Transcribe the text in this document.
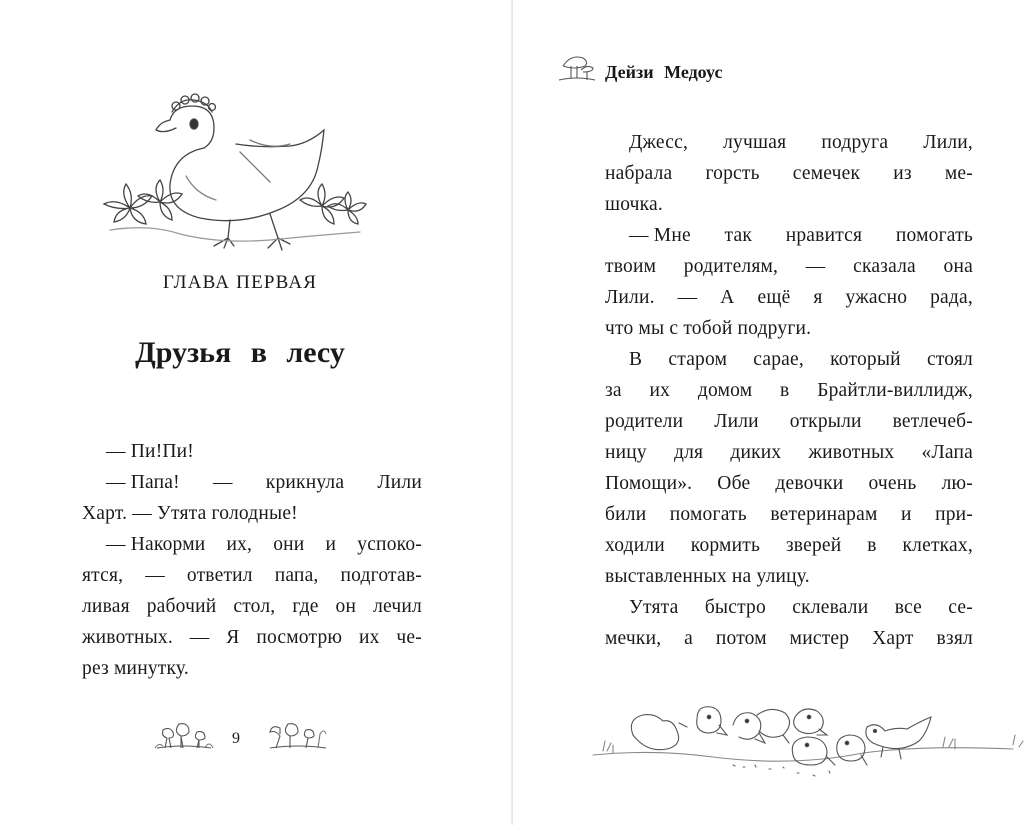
ГЛАВА ПЕРВАЯ
Друзья в лесу
— Пи!Пи!
— Папа! — крикнула Лили
Харт. — Утята голодные!
— Накорми их, они и успоко-
ятся, — ответил папа, подготав-
ливая рабочий стол, где он лечил
животных. — Я посмотрю их че-
рез минутку.
9
Дейзи Медоус
Джесс, лучшая подруга Лили,
набрала горсть семечек из ме-
шочка.
— Мне так нравится помогать
твоим родителям, — сказала она
Лили. — А ещё я ужасно рада,
что мы с тобой подруги.
В старом сарае, который стоял
за их домом в Брайтли-виллидж,
родители Лили открыли ветлечеб-
ницу для диких животных «Лапа
Помощи». Обе девочки очень лю-
били помогать ветеринарам и при-
ходили кормить зверей в клетках,
выставленных на улицу.
Утята быстро склевали все се-
мечки, а потом мистер Харт взял
